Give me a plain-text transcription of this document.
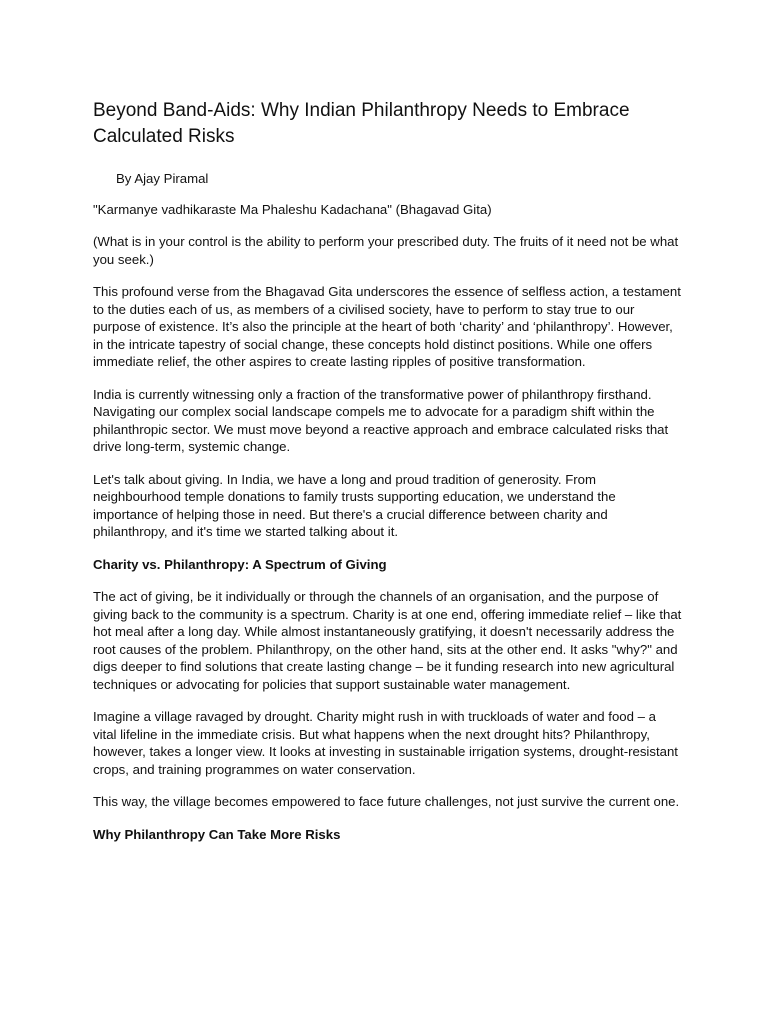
Beyond Band-Aids: Why Indian Philanthropy Needs to Embrace Calculated Risks

By Ajay Piramal

"Karmanye vadhikaraste Ma Phaleshu Kadachana" (Bhagavad Gita)

(What is in your control is the ability to perform your prescribed duty. The fruits of it need not be what you seek.)

This profound verse from the Bhagavad Gita underscores the essence of selfless action, a testament to the duties each of us, as members of a civilised society, have to perform to stay true to our purpose of existence. It’s also the principle at the heart of both ‘charity’ and ‘philanthropy’. However, in the intricate tapestry of social change, these concepts hold distinct positions. While one offers immediate relief, the other aspires to create lasting ripples of positive transformation.

India is currently witnessing only a fraction of the transformative power of philanthropy firsthand. Navigating our complex social landscape compels me to advocate for a paradigm shift within the philanthropic sector. We must move beyond a reactive approach and embrace calculated risks that drive long-term, systemic change.

Let's talk about giving. In India, we have a long and proud tradition of generosity. From neighbourhood temple donations to family trusts supporting education, we understand the importance of helping those in need. But there's a crucial difference between charity and philanthropy, and it's time we started talking about it.

Charity vs. Philanthropy: A Spectrum of Giving

The act of giving, be it individually or through the channels of an organisation, and the purpose of giving back to the community is a spectrum. Charity is at one end, offering immediate relief – like that hot meal after a long day. While almost instantaneously gratifying, it doesn't necessarily address the root causes of the problem. Philanthropy, on the other hand, sits at the other end. It asks "why?" and digs deeper to find solutions that create lasting change – be it funding research into new agricultural techniques or advocating for policies that support sustainable water management.

Imagine a village ravaged by drought. Charity might rush in with truckloads of water and food – a vital lifeline in the immediate crisis. But what happens when the next drought hits? Philanthropy, however, takes a longer view. It looks at investing in sustainable irrigation systems, drought-resistant crops, and training programmes on water conservation.

This way, the village becomes empowered to face future challenges, not just survive the current one.

Why Philanthropy Can Take More Risks
